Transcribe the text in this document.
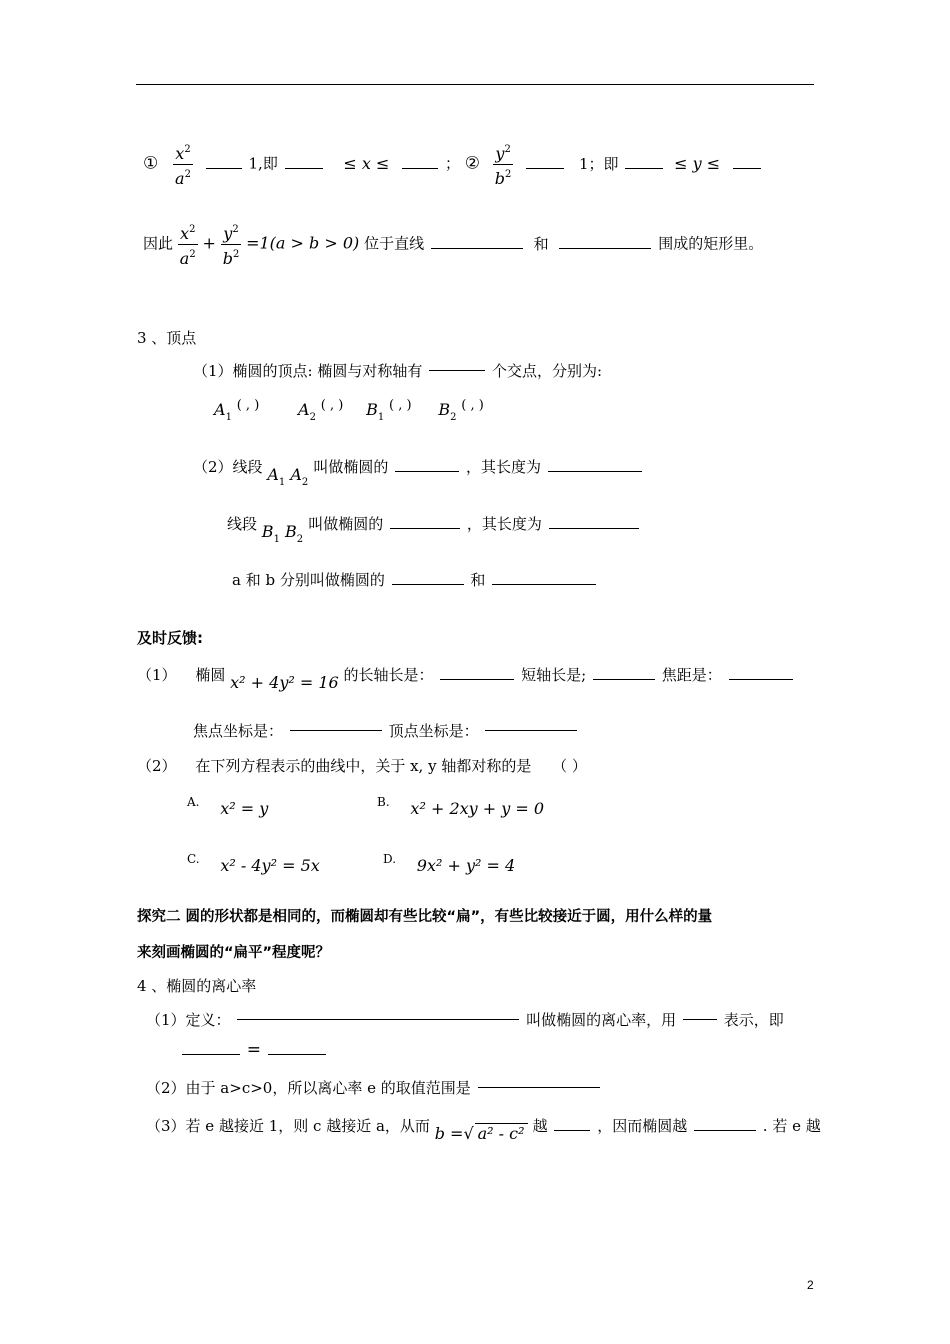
① $\frac{x^2}{a^2}$	1,即	≤ x ≤	； ② $\frac{y^2}{b^2}$	1；即	≤ y ≤
因此 $\frac{x^2}{a^2} + \frac{y^2}{b^2} =1(a > b > 0)$ 位于直线	和	围成的矩形里。
3 、顶点
（1）椭圆的顶点: 椭圆与对称轴有	个交点，分别为:
$A_1$ ( , ) $A_2$ ( , ) $B_1$ ( , ) $B_2$ ( , )
（2）线段 $A_1$ $A_2$ 叫做椭圆的	，其长度为
线段 $B_1$ $B_2$ 叫做椭圆的	，其长度为
a 和 b 分别叫做椭圆的	和
及时反馈:
（1） 椭圆 x² + 4y² = 16 的长轴长是：	短轴长是;	焦距是：
焦点坐标是：	顶点坐标是：
（2） 在下列方程表示的曲线中，关于 x, y 轴都对称的是 （ ）
$^{A.}$ x² = y	$^{B.}$ x² + 2xy + y = 0
$^{C.}$ x² - 4y² = 5x	$^{D.}$ 9x² + y² = 4
探究二 圆的形状都是相同的，而椭圆却有些比较“扁”，有些比较接近于圆，用什么样的量
来刻画椭圆的“扁平”程度呢？
4 、椭圆的离心率
（1）定义：	叫做椭圆的离心率，用	表示，即
=
（2）由于 a>c>0，所以离心率 e 的取值范围是
（3）若 e 越接近 1，则 c 越接近 a，从而 b =√ a² - c² 越	，因而椭圆越	. 若 e 越
2
